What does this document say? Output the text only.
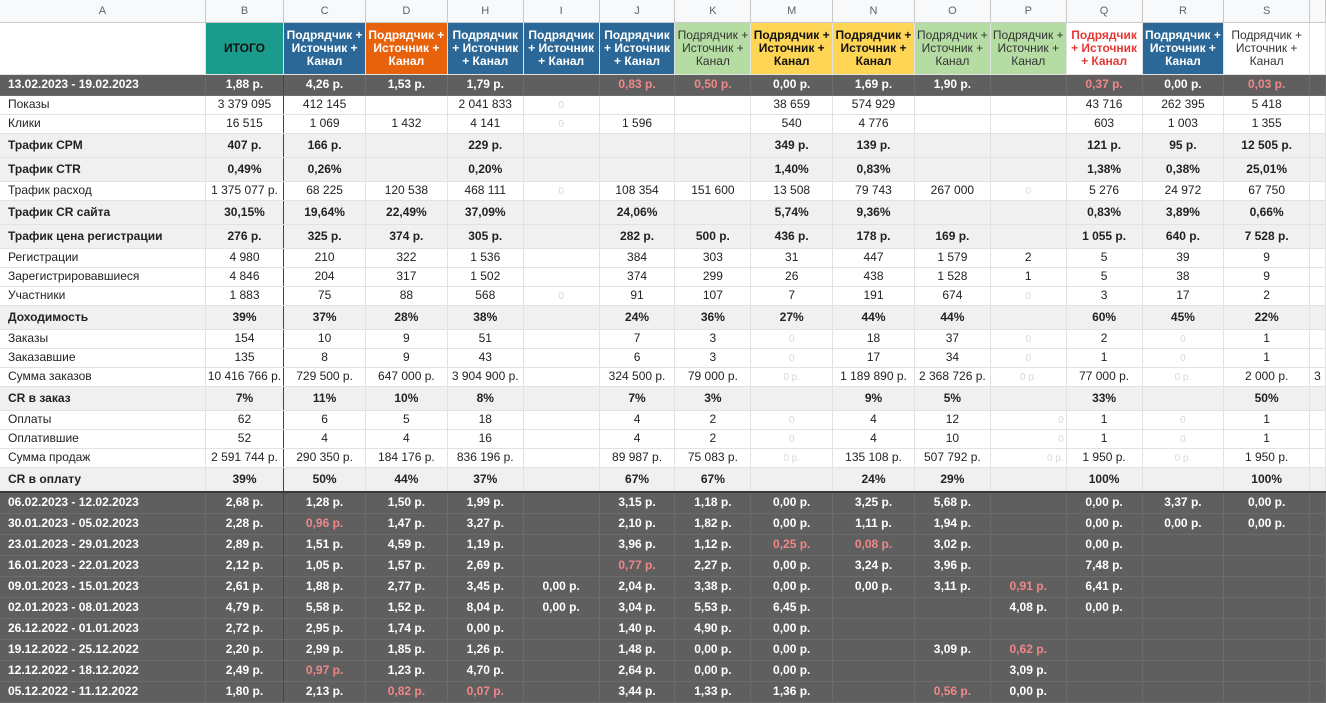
A	B	C	D	H	I	J	K	M	N	O	P	Q	R	S	
	ИТОГО	Подрядчик + Источник + Канал	Подрядчик + Источник + Канал	Подрядчик + Источник + Канал	Подрядчик + Источник + Канал	Подрядчик + Источник + Канал	Подрядчик + Источник + Канал	Подрядчик + Источник + Канал	Подрядчик + Источник + Канал	Подрядчик + Источник + Канал	Подрядчик + Источник + Канал	Подрядчик + Источник + Канал	Подрядчик + Источник + Канал	Подрядчик + Источник + Канал	
13.02.2023 - 19.02.2023	1,88 р.	4,26 р.	1,53 р.	1,79 р.		0,83 р.	0,50 р.	0,00 р.	1,69 р.	1,90 р.		0,37 р.	0,00 р.	0,03 р.	
Показы	3 379 095	412 145		2 041 833	0			38 659	574 929			43 716	262 395	5 418	
Клики	16 515	1 069	1 432	4 141	0	1 596		540	4 776			603	1 003	1 355	
Трафик CPM	407 р.	166 р.		229 р.				349 р.	139 р.			121 р.	95 р.	12 505 р.	
Трафик CTR	0,49%	0,26%		0,20%				1,40%	0,83%			1,38%	0,38%	25,01%	
Трафик расход	1 375 077 р.	68 225	120 538	468 111	0	108 354	151 600	13 508	79 743	267 000	0	5 276	24 972	67 750	
Трафик CR сайта	30,15%	19,64%	22,49%	37,09%		24,06%		5,74%	9,36%			0,83%	3,89%	0,66%	
Трафик цена регистрации	276 р.	325 р.	374 р.	305 р.		282 р.	500 р.	436 р.	178 р.	169 р.		1 055 р.	640 р.	7 528 р.	
Регистрации	4 980	210	322	1 536		384	303	31	447	1 579	2	5	39	9	
Зарегистрировавшиеся	4 846	204	317	1 502		374	299	26	438	1 528	1	5	38	9	
Участники	1 883	75	88	568	0	91	107	7	191	674	0	3	17	2	
Доходимость	39%	37%	28%	38%		24%	36%	27%	44%	44%		60%	45%	22%	
Заказы	154	10	9	51		7	3	0	18	37	0	2	0	1	
Заказавшие	135	8	9	43		6	3	0	17	34	0	1	0	1	
Сумма заказов	10 416 766 р.	729 500 р.	647 000 р.	3 904 900 р.		324 500 р.	79 000 р.	0 р.	1 189 890 р.	2 368 726 р.	0 р.	77 000 р.	0 р.	2 000 р.	3
CR в заказ	7%	11%	10%	8%		7%	3%		9%	5%		33%		50%	
Оплаты	62	6	5	18		4	2	0	4	12	0	1	0	1	
Оплатившие	52	4	4	16		4	2	0	4	10	0	1	0	1	
Сумма продаж	2 591 744 р.	290 350 р.	184 176 р.	836 196 р.		89 987 р.	75 083 р.	0 р.	135 108 р.	507 792 р.	0 р.	1 950 р.	0 р.	1 950 р.	
CR в оплату	39%	50%	44%	37%		67%	67%		24%	29%		100%		100%	
06.02.2023 - 12.02.2023	2,68 р.	1,28 р.	1,50 р.	1,99 р.		3,15 р.	1,18 р.	0,00 р.	3,25 р.	5,68 р.		0,00 р.	3,37 р.	0,00 р.	
30.01.2023 - 05.02.2023	2,28 р.	0,96 р.	1,47 р.	3,27 р.		2,10 р.	1,82 р.	0,00 р.	1,11 р.	1,94 р.		0,00 р.	0,00 р.	0,00 р.	
23.01.2023 - 29.01.2023	2,89 р.	1,51 р.	4,59 р.	1,19 р.		3,96 р.	1,12 р.	0,25 р.	0,08 р.	3,02 р.		0,00 р.			
16.01.2023 - 22.01.2023	2,12 р.	1,05 р.	1,57 р.	2,69 р.		0,77 р.	2,27 р.	0,00 р.	3,24 р.	3,96 р.		7,48 р.			
09.01.2023 - 15.01.2023	2,61 р.	1,88 р.	2,77 р.	3,45 р.	0,00 р.	2,04 р.	3,38 р.	0,00 р.	0,00 р.	3,11 р.	0,91 р.	6,41 р.			
02.01.2023 - 08.01.2023	4,79 р.	5,58 р.	1,52 р.	8,04 р.	0,00 р.	3,04 р.	5,53 р.	6,45 р.			4,08 р.	0,00 р.			
26.12.2022 - 01.01.2023	2,72 р.	2,95 р.	1,74 р.	0,00 р.		1,40 р.	4,90 р.	0,00 р.							
19.12.2022 - 25.12.2022	2,20 р.	2,99 р.	1,85 р.	1,26 р.		1,48 р.	0,00 р.	0,00 р.		3,09 р.	0,62 р.				
12.12.2022 - 18.12.2022	2,49 р.	0,97 р.	1,23 р.	4,70 р.		2,64 р.	0,00 р.	0,00 р.			3,09 р.				
05.12.2022 - 11.12.2022	1,80 р.	2,13 р.	0,82 р.	0,07 р.		3,44 р.	1,33 р.	1,36 р.		0,56 р.	0,00 р.				
